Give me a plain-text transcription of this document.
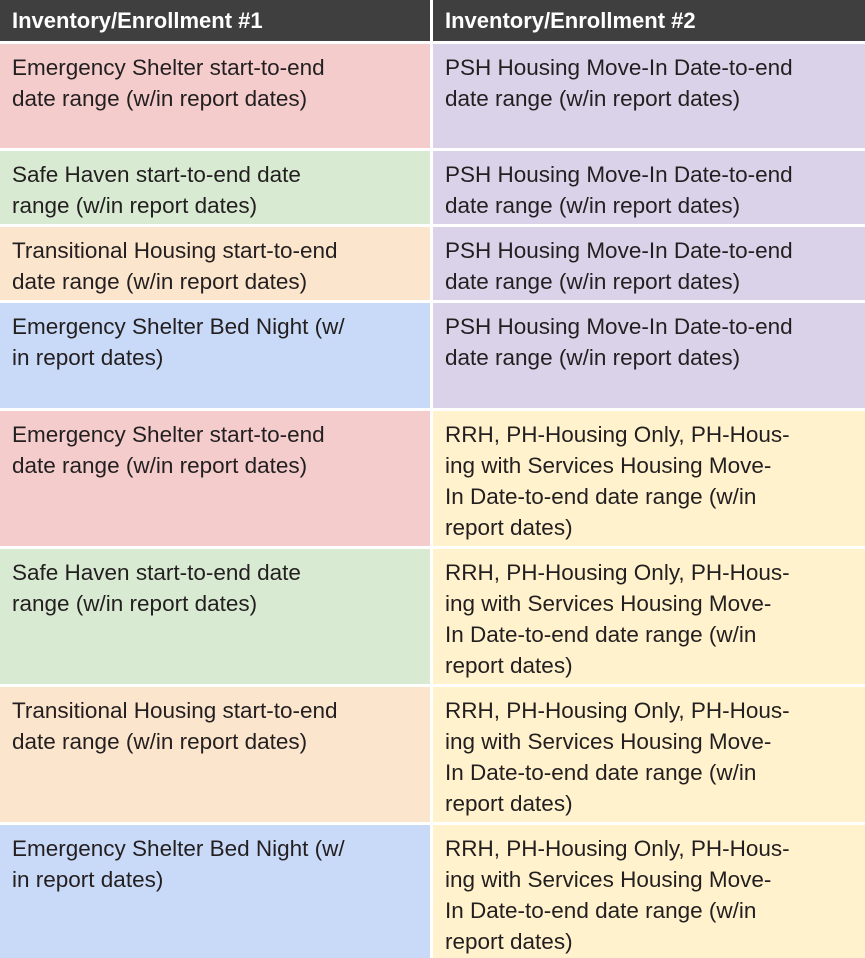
Inventory/Enrollment #1	Inventory/Enrollment #2
Emergency Shelter start-to-end
date range (w/in report dates)
PSH Housing Move-In Date-to-end
date range (w/in report dates)
Safe Haven start-to-end date
range (w/in report dates)
PSH Housing Move-In Date-to-end
date range (w/in report dates)
Transitional Housing start-to-end
date range (w/in report dates)
PSH Housing Move-In Date-to-end
date range (w/in report dates)
Emergency Shelter Bed Night (w/
in report dates)
PSH Housing Move-In Date-to-end
date range (w/in report dates)
Emergency Shelter start-to-end
date range (w/in report dates)
RRH, PH-Housing Only, PH-Hous-
ing with Services Housing Move-
In Date-to-end date range (w/in
report dates)
Safe Haven start-to-end date
range (w/in report dates)
RRH, PH-Housing Only, PH-Hous-
ing with Services Housing Move-
In Date-to-end date range (w/in
report dates)
Transitional Housing start-to-end
date range (w/in report dates)
RRH, PH-Housing Only, PH-Hous-
ing with Services Housing Move-
In Date-to-end date range (w/in
report dates)
Emergency Shelter Bed Night (w/
in report dates)
RRH, PH-Housing Only, PH-Hous-
ing with Services Housing Move-
In Date-to-end date range (w/in
report dates)
